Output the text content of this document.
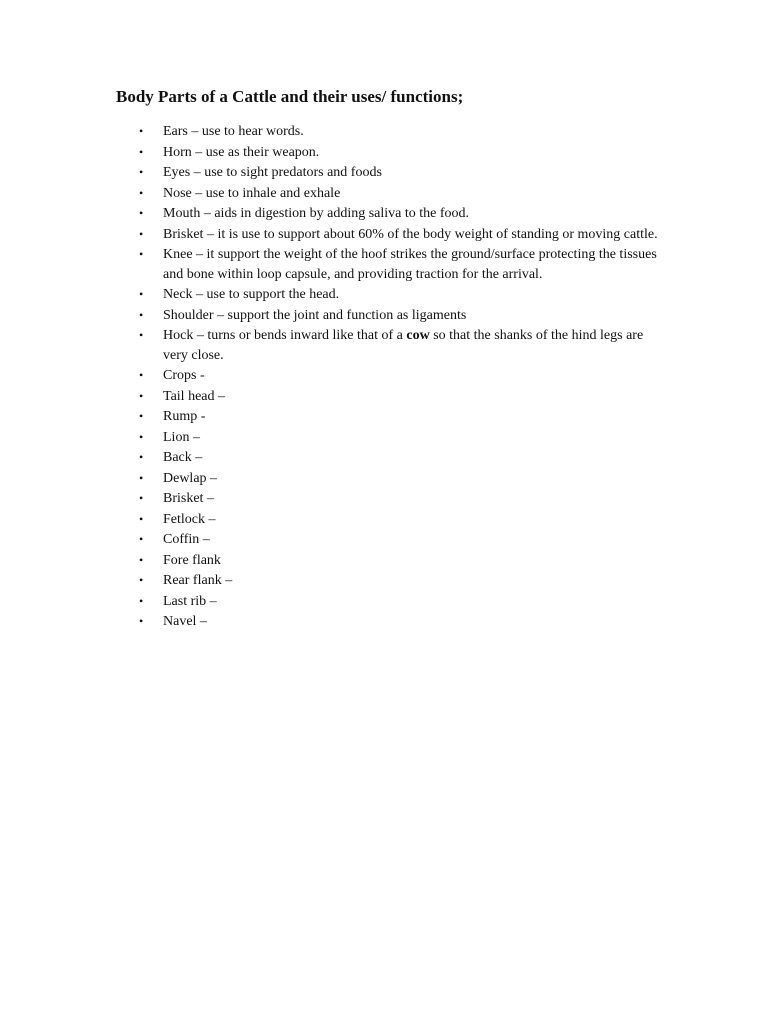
Body Parts of a Cattle and their uses/ functions;
• Ears – use to hear words.
• Horn – use as their weapon.
• Eyes – use to sight predators and foods
• Nose – use to inhale and exhale
• Mouth – aids in digestion by adding saliva to the food.
• Brisket – it is use to support about 60% of the body weight of standing or moving cattle.
• Knee – it support the weight of the hoof strikes the ground/surface protecting the tissues and bone within loop capsule, and providing traction for the arrival.
• Neck – use to support the head.
• Shoulder – support the joint and function as ligaments
• Hock – turns or bends inward like that of a cow so that the shanks of the hind legs are very close.
• Crops -
• Tail head –
• Rump -
• Lion –
• Back –
• Dewlap –
• Brisket –
• Fetlock –
• Coffin –
• Fore flank
• Rear flank –
• Last rib –
• Navel –
